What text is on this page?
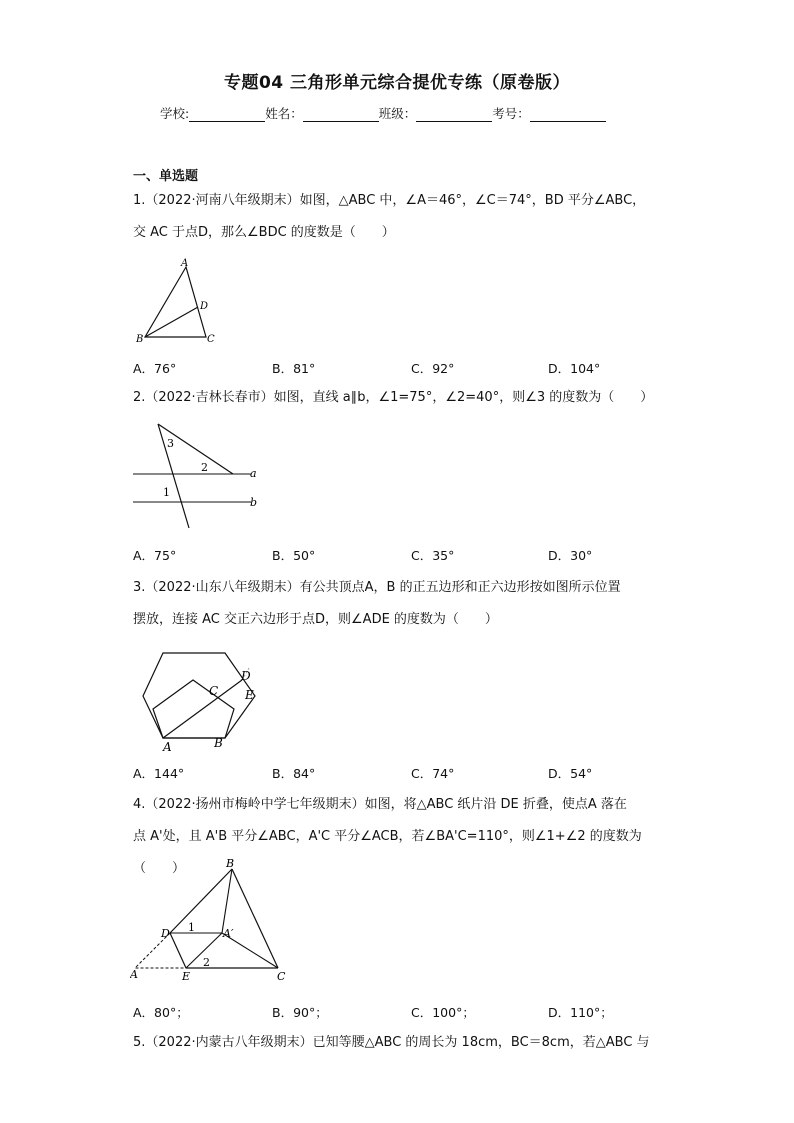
专题04 三角形单元综合提优专练（原卷版）
学校:	姓名：	班级：	考号：
一、单选题
1.（2022·河南八年级期末）如图，△ABC 中，∠A＝46°，∠C＝74°，BD 平分∠ABC，
交 AC 于点D，那么∠BDC 的度数是（　　）
A
B	C
D
A．76°	B．81°	C．92°	D．104°
2.（2022·吉林长春市）如图，直线 a∥b，∠1=75°，∠2=40°，则∠3 的度数为（　　）
3
2	a
1
b
A．75°	B．50°	C．35°	D．30°
3.（2022·山东八年级期末）有公共顶点A，B 的正五边形和正六边形按如图所示位置
摆放，连接 AC 交正六边形于点D，则∠ADE 的度数为（　　）
D
C E
A	B
A．144°	B．84°	C．74°	D．54°
4.（2022·扬州市梅岭中学七年级期末）如图，将△ABC 纸片沿 DE 折叠，使点A 落在
点 A'处，且 A'B 平分∠ABC，A'C 平分∠ACB，若∠BA'C=110°，则∠1+∠2 的度数为（　　）	B
D 1	A′
2
A	E	C
A．80°；	B．90°；	C．100°；	D．110°；
5.（2022·内蒙古八年级期末）已知等腰△ABC 的周长为 18cm，BC＝8cm，若△ABC 与
